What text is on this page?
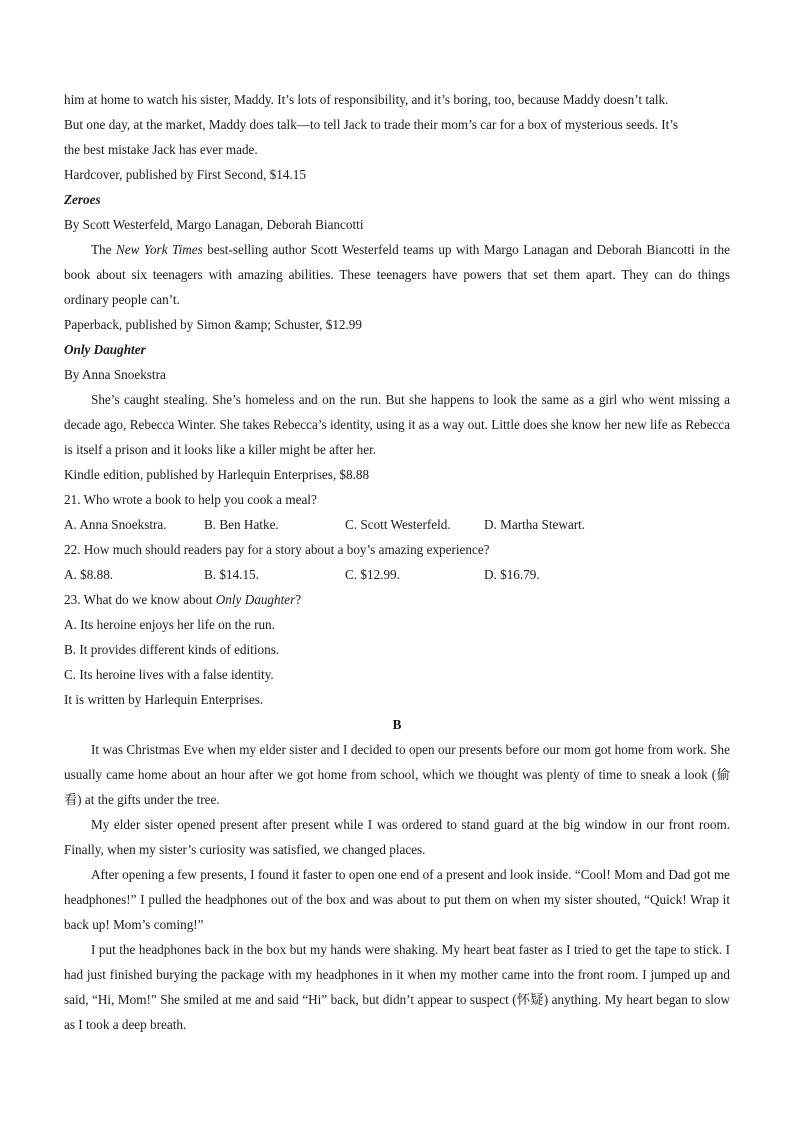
him at home to watch his sister, Maddy. It’s lots of responsibility, and it’s boring, too, because Maddy doesn’t talk.
But one day, at the market, Maddy does talk—to tell Jack to trade their mom’s car for a box of mysterious seeds. It’s
the best mistake Jack has ever made.
Hardcover, published by First Second, $14.15
Zeroes
By Scott Westerfeld, Margo Lanagan, Deborah Biancotti
The New York Times best-selling author Scott Westerfeld teams up with Margo Lanagan and Deborah Biancotti in the book about six teenagers with amazing abilities. These teenagers have powers that set them apart. They can do things ordinary people can’t.
Paperback, published by Simon &amp; Schuster, $12.99
Only Daughter
By Anna Snoekstra
She’s caught stealing. She’s homeless and on the run. But she happens to look the same as a girl who went missing a decade ago, Rebecca Winter. She takes Rebecca’s identity, using it as a way out. Little does she know her new life as Rebecca is itself a prison and it looks like a killer might be after her.
Kindle edition, published by Harlequin Enterprises, $8.88
21. Who wrote a book to help you cook a meal?
A. Anna Snoekstra.	B. Ben Hatke.	C. Scott Westerfeld.	D. Martha Stewart.
22. How much should readers pay for a story about a boy’s amazing experience?
A. $8.88.	B. $14.15.	C. $12.99.	D. $16.79.
23. What do we know about Only Daughter?
A. Its heroine enjoys her life on the run.
B. It provides different kinds of editions.
C. Its heroine lives with a false identity.
It is written by Harlequin Enterprises.
B
It was Christmas Eve when my elder sister and I decided to open our presents before our mom got home from work. She usually came home about an hour after we got home from school, which we thought was plenty of time to sneak a look (偷看) at the gifts under the tree.
My elder sister opened present after present while I was ordered to stand guard at the big window in our front room. Finally, when my sister’s curiosity was satisfied, we changed places.
After opening a few presents, I found it faster to open one end of a present and look inside. “Cool! Mom and Dad got me headphones!” I pulled the headphones out of the box and was about to put them on when my sister shouted, “Quick! Wrap it back up! Mom’s coming!”
I put the headphones back in the box but my hands were shaking. My heart beat faster as I tried to get the tape to stick. I had just finished burying the package with my headphones in it when my mother came into the front room. I jumped up and said, “Hi, Mom!” She smiled at me and said “Hi” back, but didn’t appear to suspect (怀疑) anything. My heart began to slow as I took a deep breath.
